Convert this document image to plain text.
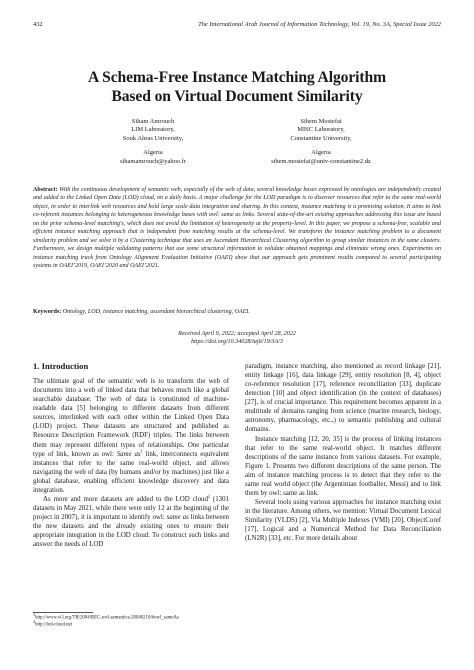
432	The International Arab Journal of Information Technology, Vol. 19, No. 3A, Special Issue 2022
A Schema-Free Instance Matching Algorithm
Based on Virtual Document Similarity
Siham Amrouch
LIM Laboratory,
Souk Ahras University,
Algeria
sihamamrouch@yahoo.fr
Sihem Mostefai
MISC Laboratory,
Constantine University,
Algeria
sihem.mostefai@univ-constantine2.dz
Abstract: With the continuous development of semantic web, especially of the web of data, several knowledge bases expressed by ontologies are independently created and added to the Linked Open Data (LOD) cloud, on a daily basis. A major challenge for the LOD paradigm is to discover resources that refer to the same real-world object, in order to interlink web resources and hold large scale data integration and sharing. In this context, instance matching is a promising solution. It aims to link co-referent instances belonging to heterogeneous knowledge bases with owl: same as links. Several state-of-the-art existing approaches addressing this issue are based on the prior schema-level matching's, which does not avoid the limitation of heterogeneity at the property-level. In this paper, we propose a schema-free, scalable and efficient instance matching approach that is independent from matching results at the schema-level. We transform the instance matching problem to a document similarity problem and we solve it by a Clustering technique that uses an Ascendant Hierarchical Clustering algorithm to group similar instances in the same clusters. Furthermore, we design multiple validating patterns that use some structural information to validate obtained mappings and eliminate wrong ones. Experiments on instance matching track from Ontology Alignment Evaluation Initiative (OAEI) show that our approach gets prominent results compared to several participating systems in OAEI’2019, OAEI’2020 and OAEI’2021.
Keywords: Ontology, LOD, instance matching, ascendant hierarchical clustering, OAEI.
Received April 9, 2022; accepted April 28, 2022
https://doi.org/10.34028/iajit/19/3A/3
1. Introduction

The ultimate goal of the semantic web is to transform the web of documents into a web of linked data that behaves much like a global searchable database. The web of data is constituted of machine-readable data [5] belonging to different datasets from different sources, interlinked with each other within the Linked Open Data (LOD) project. These datasets are structured and published as Resource Description Framework (RDF) triples. The links between them may represent different types of relationships. One particular type of link, known as owl: Same $as^1$ link, interconnects equivalent instances that refer to the same real-world object, and allows navigating the web of data (by humans and/or by machines) just like a global database, enabling efficient knowledge discovery and data integration.

As more and more datasets are added to the LOD cloud$^2$ (1301 datasets in May 2021, while there were only 12 at the beginning of the project in 2007), it is important to identify owl: same as links between the new datasets and the already existing ones to ensure their appropriate integration in the LOD cloud. To construct such links and answer the needs of LOD

paradigm, instance matching, also mentioned as record linkage [21], entity linkage [16], data linkage [29], entity resolution [8, 4], object co-reference resolution [17], reference reconciliation [33], duplicate detection [10] and object identification (in the context of databases) [27], is of crucial importance. This requirement becomes apparent in a multitude of domains ranging from science (marine research, biology, astronomy, pharmacology, etc.,) to semantic publishing and cultural domains.

Instance matching [12, 20, 35] is the process of linking instances that refer to the same real-world object. It matches different descriptions of the same instance from various datasets. For example, Figure 1. Presents two different descriptions of the same person. The aim of instance matching process is to detect that they refer to the same real world object (the Argentinian footballer, Messi) and to link them by owl: same as link.

Several tools using various approaches for instance matching exist in the literature. Among others, we mention: Virtual Document Lexical Similarity (VLDS) [2], Via Multiple Indexes (VMI) [20], ObjectCoref [17], Logical and a Numerical Method for Data Reconciliation (LN2R) [33], etc. For more details about

$^1$http://www.w3.org/TR/2004/REC-owl-semantics-20040210/#owl_sameAs
$^2$http://lod-cloud.net
